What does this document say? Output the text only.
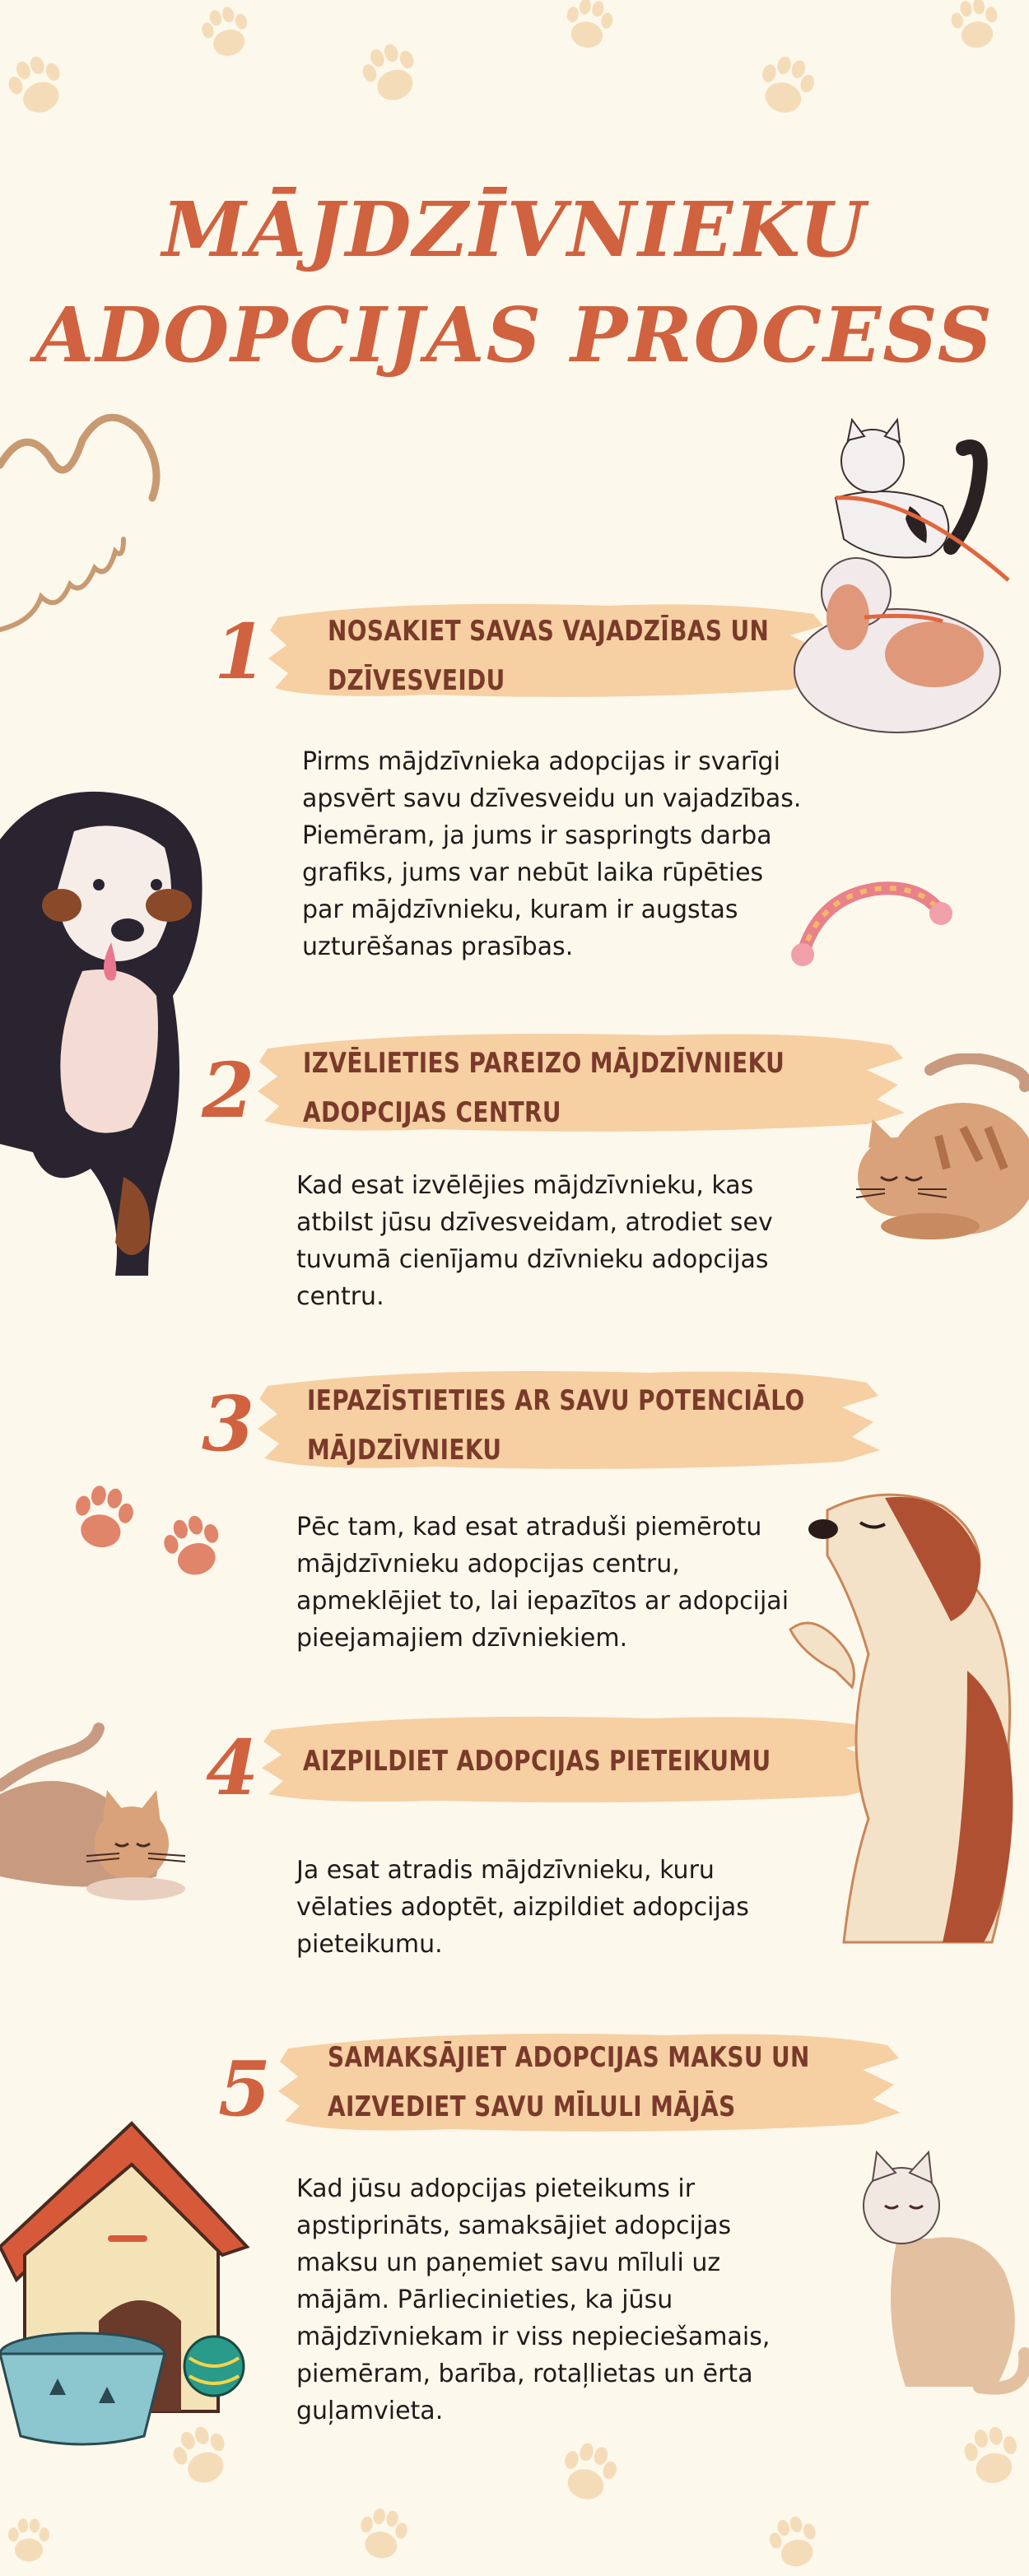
MĀJDZĪVNIEKU
ADOPCIJAS PROCESS
1 NOSAKIET SAVAS VAJADZĪBAS UN
DZĪVESVEIDU
Pirms mājdzīvnieka adopcijas ir svarīgi apsvērt savu dzīvesveidu un vajadzības. Piemēram, ja jums ir saspringts darba grafiks, jums var nebūt laika rūpēties par mājdzīvnieku, kuram ir augstas uzturēšanas prasības.
2 IZVĒLIETIES PAREIZO MĀJDZĪVNIEKU
ADOPCIJAS CENTRU
Kad esat izvēlējies mājdzīvnieku, kas atbilst jūsu dzīvesveidam, atrodiet sev tuvumā cienījamu dzīvnieku adopcijas centru.
3 IEPAZĪSTIETIES AR SAVU POTENCIĀLO
MĀJDZĪVNIEKU
Pēc tam, kad esat atraduši piemērotu mājdzīvnieku adopcijas centru, apmeklējiet to, lai iepazītos ar adopcijai pieejamajiem dzīvniekiem.
4 AIZPILDIET ADOPCIJAS PIETEIKUMU
Ja esat atradis mājdzīvnieku, kuru vēlaties adoptēt, aizpildiet adopcijas pieteikumu.
5 SAMAKSĀJIET ADOPCIJAS MAKSU UN
AIZVEDIET SAVU MĪLULI MĀJĀS
Kad jūsu adopcijas pieteikums ir apstiprināts, samaksājiet adopcijas maksu un paņemiet savu mīluli uz mājām. Pārliecinieties, ka jūsu mājdzīvniekam ir viss nepieciešamais, piemēram, barība, rotaļlietas un ērta guļamvieta.
